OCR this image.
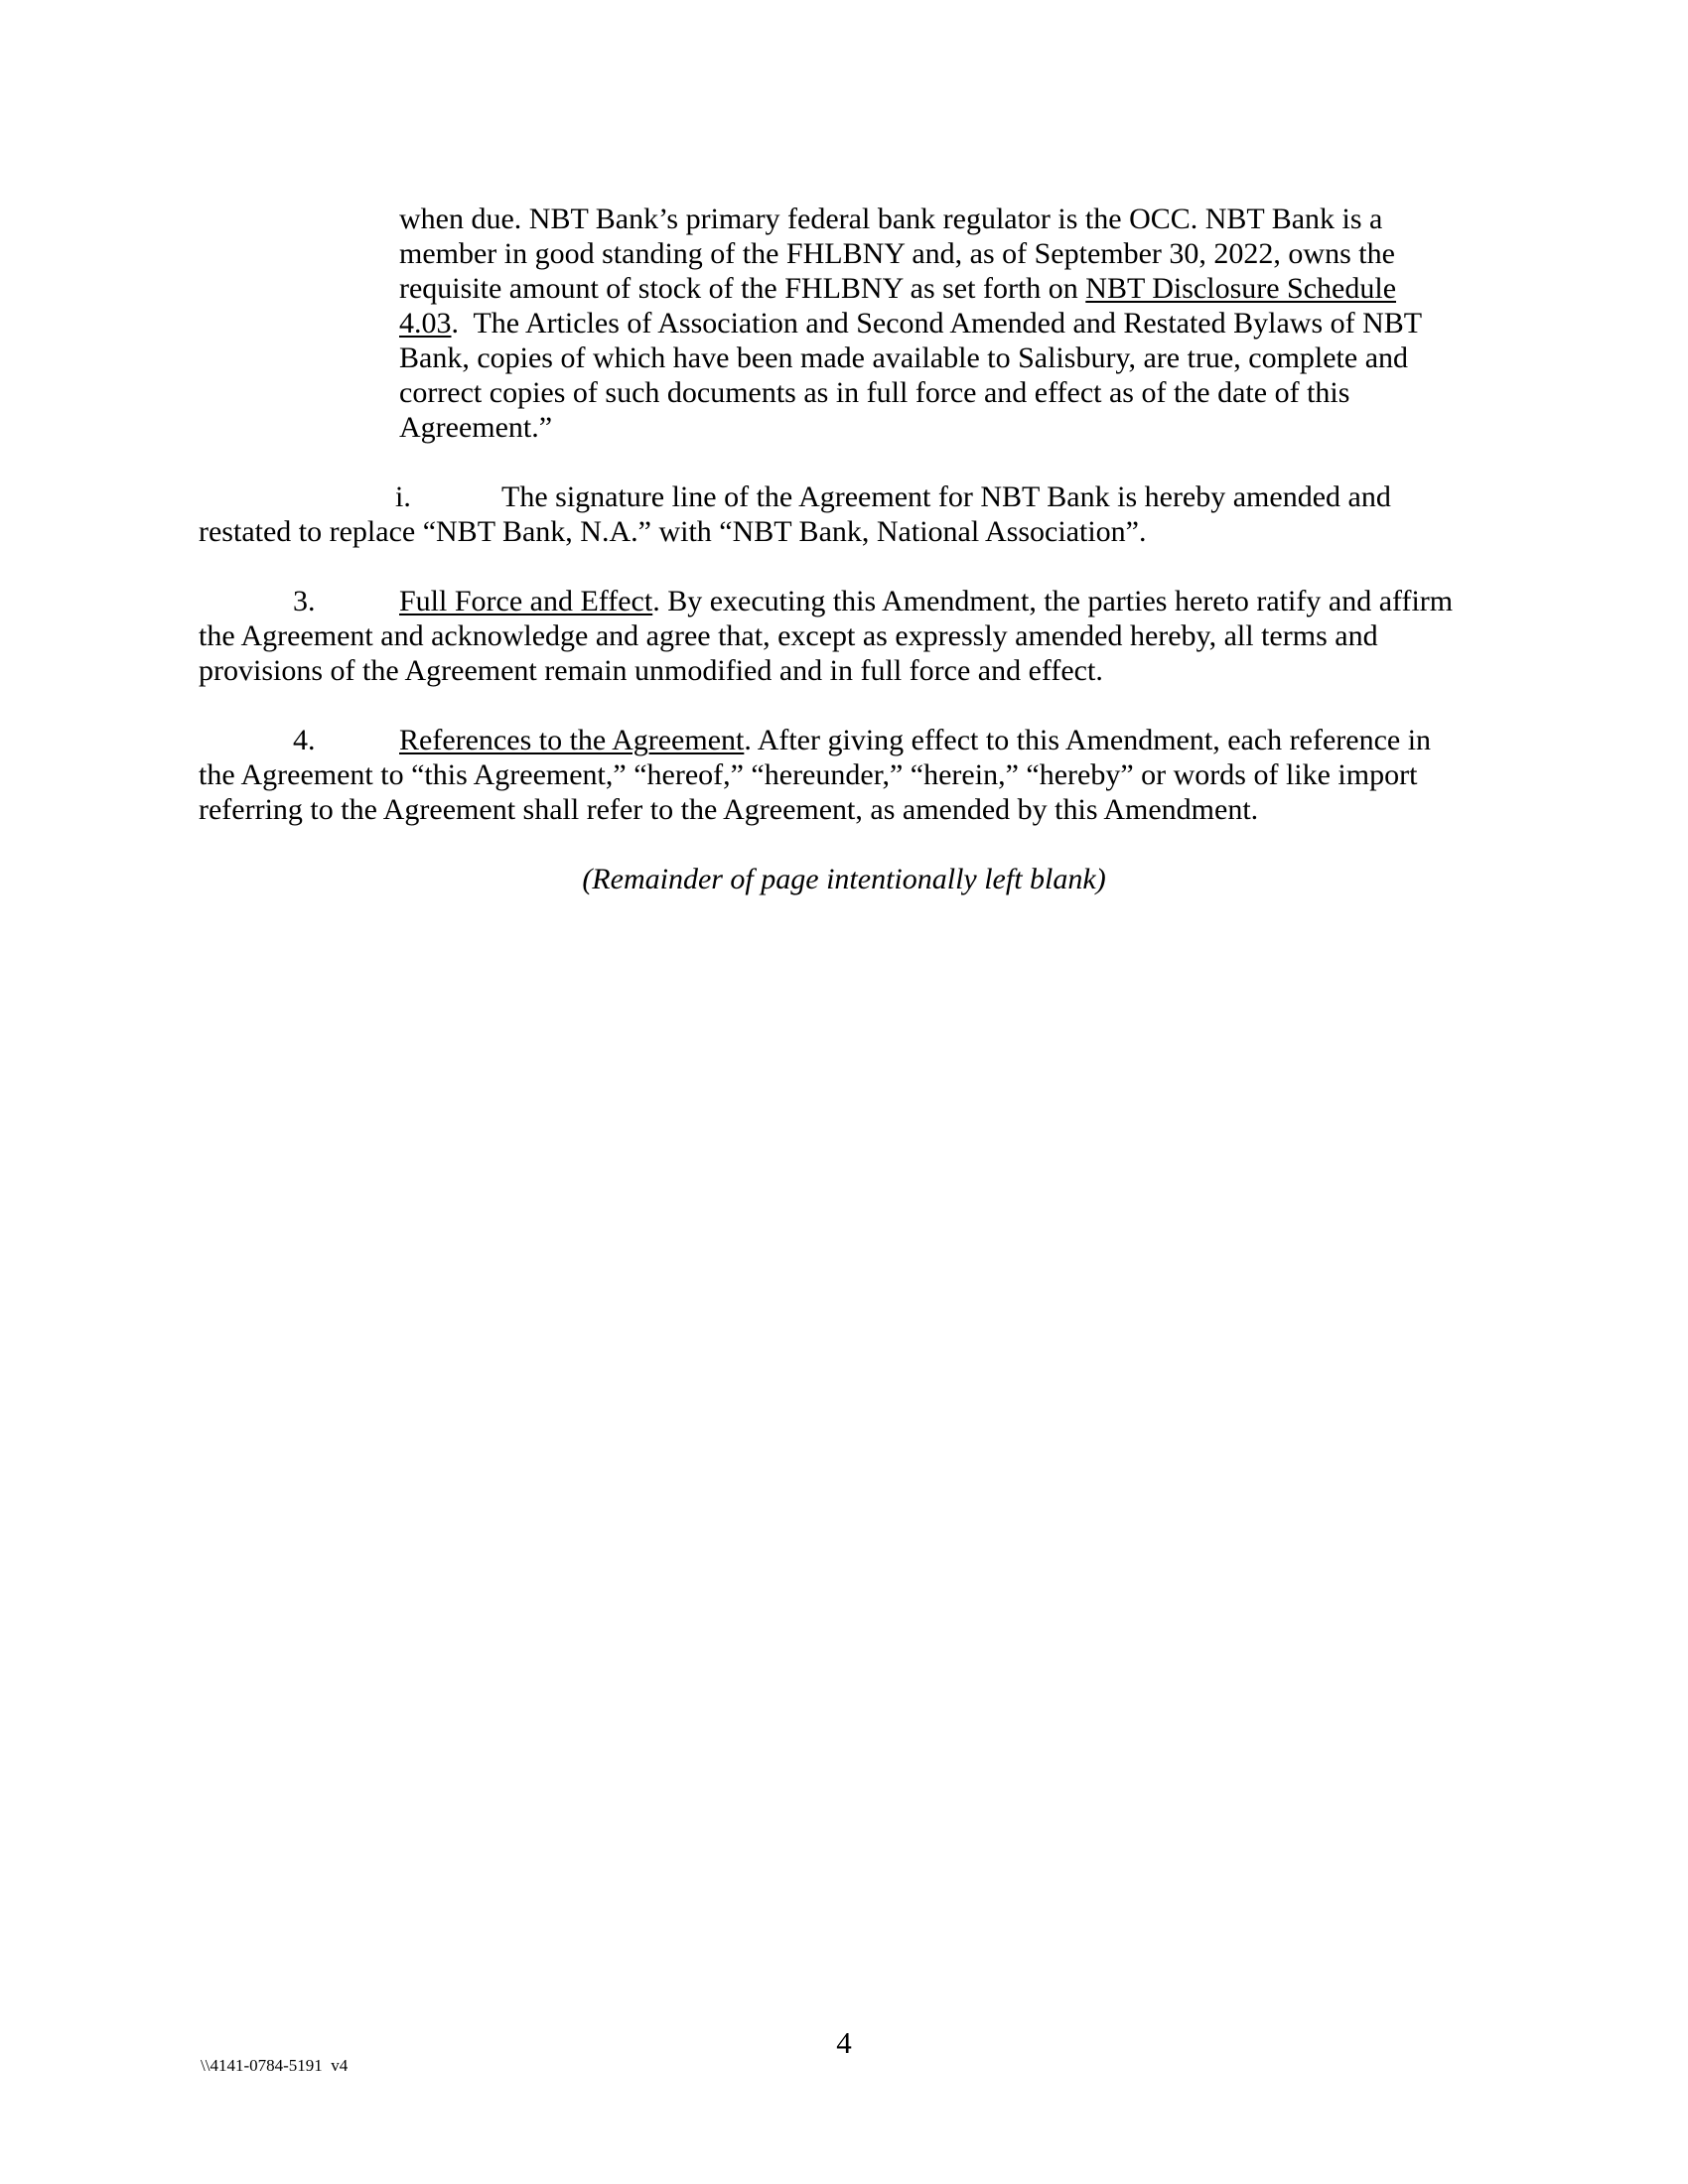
when due. NBT Bank’s primary federal bank regulator is the OCC. NBT Bank is a
member in good standing of the FHLBNY and, as of September 30, 2022, owns the
requisite amount of stock of the FHLBNY as set forth on NBT Disclosure Schedule
4.03.  The Articles of Association and Second Amended and Restated Bylaws of NBT
Bank, copies of which have been made available to Salisbury, are true, complete and
correct copies of such documents as in full force and effect as of the date of this
Agreement.”
i.	The signature line of the Agreement for NBT Bank is hereby amended and
restated to replace “NBT Bank, N.A.” with “NBT Bank, National Association”.
3.	Full Force and Effect. By executing this Amendment, the parties hereto ratify and affirm
the Agreement and acknowledge and agree that, except as expressly amended hereby, all terms and
provisions of the Agreement remain unmodified and in full force and effect.
4.	References to the Agreement. After giving effect to this Amendment, each reference in
the Agreement to “this Agreement,” “hereof,” “hereunder,” “herein,” “hereby” or words of like import
referring to the Agreement shall refer to the Agreement, as amended by this Amendment.

(Remainder of page intentionally left blank)

4
\\4141-0784-5191  v4
